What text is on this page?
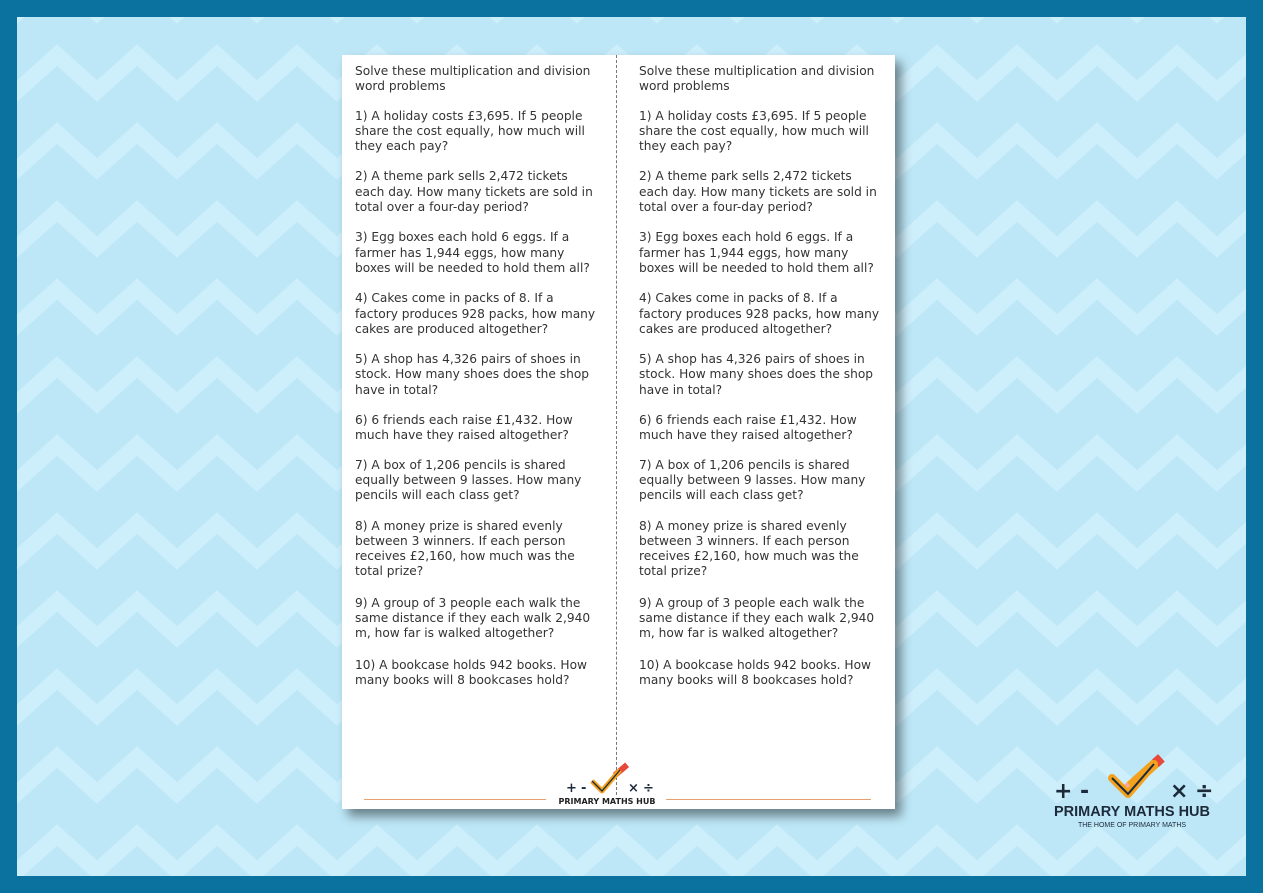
Solve these multiplication and division word problems

1) A holiday costs £3,695. If 5 people share the cost equally, how much will they each pay?

2) A theme park sells 2,472 tickets each day. How many tickets are sold in total over a four-day period?

3) Egg boxes each hold 6 eggs. If a farmer has 1,944 eggs, how many boxes will be needed to hold them all?

4) Cakes come in packs of 8. If a factory produces 928 packs, how many cakes are produced altogether?

5) A shop has 4,326 pairs of shoes in stock. How many shoes does the shop have in total?

6) 6 friends each raise £1,432. How much have they raised altogether?

7) A box of 1,206 pencils is shared equally between 9 lasses. How many pencils will each class get?

8) A money prize is shared evenly between 3 winners. If each person receives £2,160, how much was the total prize?

9) A group of 3 people each walk the same distance if they each walk 2,940 m, how far is walked altogether?

10) A bookcase holds 942 books. How many books will 8 bookcases hold?

Solve these multiplication and division word problems

1) A holiday costs £3,695. If 5 people share the cost equally, how much will they each pay?

2) A theme park sells 2,472 tickets each day. How many tickets are sold in total over a four-day period?

3) Egg boxes each hold 6 eggs. If a farmer has 1,944 eggs, how many boxes will be needed to hold them all?

4) Cakes come in packs of 8. If a factory produces 928 packs, how many cakes are produced altogether?

5) A shop has 4,326 pairs of shoes in stock. How many shoes does the shop have in total?

6) 6 friends each raise £1,432. How much have they raised altogether?

7) A box of 1,206 pencils is shared equally between 9 lasses. How many pencils will each class get?

8) A money prize is shared evenly between 3 winners. If each person receives £2,160, how much was the total prize?

9) A group of 3 people each walk the same distance if they each walk 2,940 m, how far is walked altogether?

10) A bookcase holds 942 books. How many books will 8 bookcases hold?

+ -	× ÷
PRIMARY MATHS HUB	+ -	× ÷
PRIMARY MATHS HUB
THE HOME OF PRIMARY MATHS
